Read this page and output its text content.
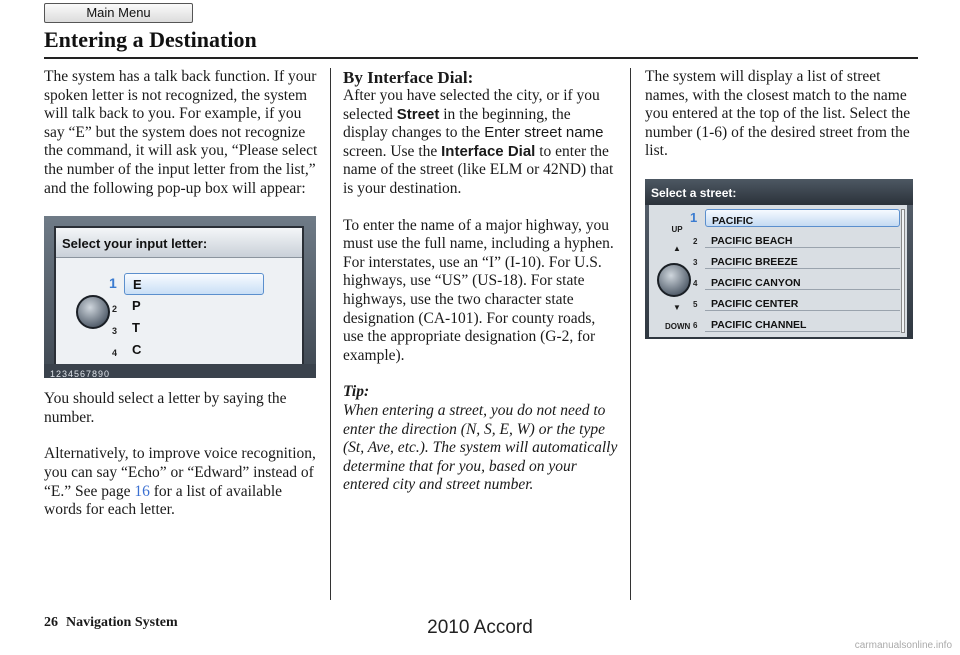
Main Menu
Entering a Destination

The system has a talk back function. If your spoken letter is not recognized, the system will talk back to you. For example, if you say “E” but the system does not recognize the command, it will ask you, “Please select the number of the input letter from the list,” and the following pop-up box will appear:

Select your input letter:
1	E
2	P
3	T
4	C
1234567890

You should select a letter by saying the number.

Alternatively, to improve voice recognition, you can say “Echo” or “Edward” instead of “E.” See page 16 for a list of available words for each letter.

By Interface Dial:

After you have selected the city, or if you selected Street in the beginning, the display changes to the Enter street name screen. Use the Interface Dial to enter the name of the street (like ELM or 42ND) that is your destination.

To enter the name of a major highway, you must use the full name, including a hyphen. For interstates, use an “I” (I-10). For U.S. highways, use “US” (US-18). For state highways, use the two character state designation (CA-101). For county roads, use the appropriate designation (G-2, for example).

Tip:

When entering a street, you do not need to enter the direction (N, S, E, W) or the type (St, Ave, etc.). The system will automatically determine that for you, based on your entered city and street number.

The system will display a list of street names, with the closest match to the name you entered at the top of the list. Select the number (1-6) of the desired street from the list.

Select a street:
UP
▲
▼
DOWN
1	PACIFIC
2	PACIFIC BEACH
3	PACIFIC BREEZE
4	PACIFIC CANYON
5	PACIFIC CENTER
6	PACIFIC CHANNEL
26 Navigation System	2010 Accord
carmanualsonline.info
